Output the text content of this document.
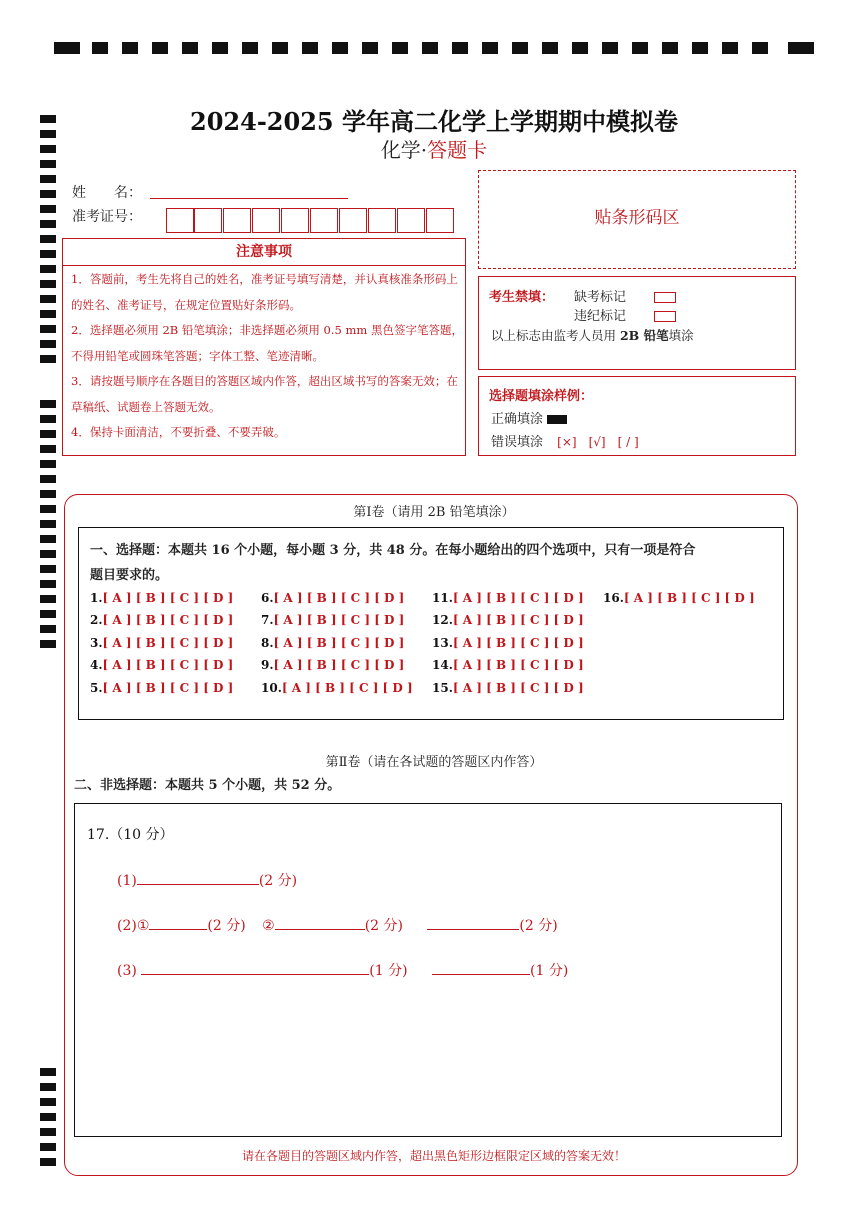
2024-2025 学年高二化学上学期期中模拟卷
化学·答题卡
姓　　名：
准考证号：
注意事项
1．答题前，考生先将自己的姓名，准考证号填写清楚，并认真核准条形码上的姓名、准考证号，在规定位置贴好条形码。
2．选择题必须用 2B 铅笔填涂；非选择题必须用 0.5 mm 黑色签字笔答题，不得用铅笔或圆珠笔答题；字体工整、笔迹清晰。
3．请按题号顺序在各题目的答题区域内作答，超出区域书写的答案无效；在草稿纸、试题卷上答题无效。
4．保持卡面清洁，不要折叠、不要弄破。
贴条形码区
考生禁填： 缺考标记
违纪标记
以上标志由监考人员用 2B 铅笔填涂
选择题填涂样例：
正确填涂
错误填涂 [×]　[√]　[ / ]
第Ⅰ卷（请用 2B 铅笔填涂）
一、选择题：本题共 16 个小题，每小题 3 分，共 48 分。在每小题给出的四个选项中，只有一项是符合
题目要求的。
1.[ A ] [ B ] [ C ] [ D ]
2.[ A ] [ B ] [ C ] [ D ]
3.[ A ] [ B ] [ C ] [ D ]
4.[ A ] [ B ] [ C ] [ D ]
5.[ A ] [ B ] [ C ] [ D ]
6.[ A ] [ B ] [ C ] [ D ]
7.[ A ] [ B ] [ C ] [ D ]
8.[ A ] [ B ] [ C ] [ D ]
9.[ A ] [ B ] [ C ] [ D ]
10.[ A ] [ B ] [ C ] [ D ]
11.[ A ] [ B ] [ C ] [ D ]
12.[ A ] [ B ] [ C ] [ D ]
13.[ A ] [ B ] [ C ] [ D ]
14.[ A ] [ B ] [ C ] [ D ]
15.[ A ] [ B ] [ C ] [ D ]
16.[ A ] [ B ] [ C ] [ D ]
第Ⅱ卷（请在各试题的答题区内作答）
二、非选择题：本题共 5 个小题，共 52 分。
17.（10 分）
(1)	(2 分)
(2)①	(2 分) ②	(2 分)	(2 分)
(3)	(1 分)	(1 分)
请在各题目的答题区域内作答，超出黑色矩形边框限定区域的答案无效！
